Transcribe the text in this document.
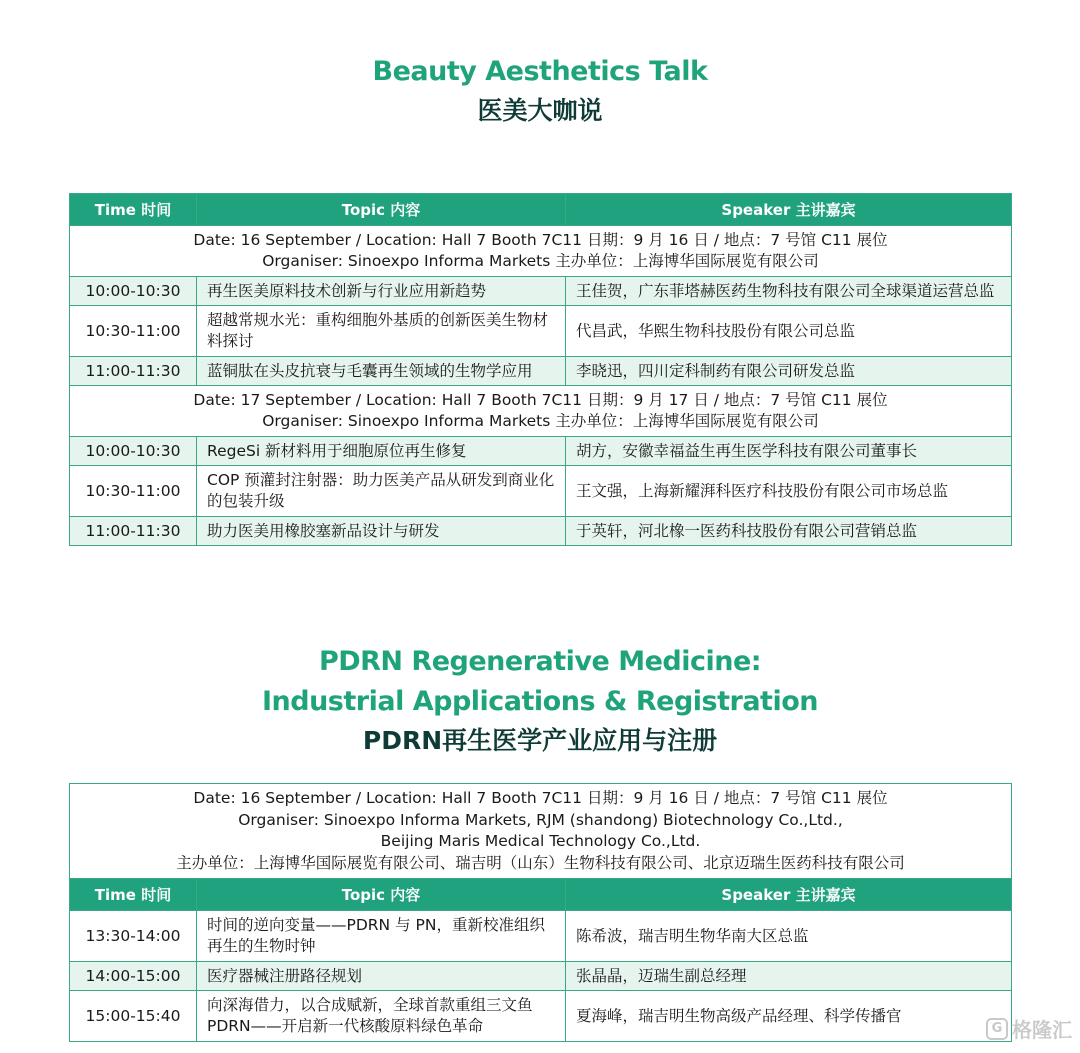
Beauty Aesthetics Talk
医美大咖说
Time 时间	Topic 内容	Speaker 主讲嘉宾

Date: 16 September / Location: Hall 7 Booth 7C11 日期：9 月 16 日 / 地点：7 号馆 C11 展位
Organiser: Sinoexpo Informa Markets 主办单位：上海博华国际展览有限公司		

10:00-10:30	再生医美原料技术创新与行业应用新趋势	王佳贺，广东菲塔赫医药生物科技有限公司全球渠道运营总监
10:30-11:00	超越常规水光：重构细胞外基质的创新医美生物材料探讨	代昌武，华熙生物科技股份有限公司总监
11:00-11:30	蓝铜肽在头皮抗衰与毛囊再生领域的生物学应用	李晓迅，四川定科制药有限公司研发总监

Date: 17 September / Location: Hall 7 Booth 7C11 日期：9 月 17 日 / 地点：7 号馆 C11 展位
Organiser: Sinoexpo Informa Markets 主办单位：上海博华国际展览有限公司		

10:00-10:30	RegeSi 新材料用于细胞原位再生修复	胡方，安徽幸福益生再生医学科技有限公司董事长
10:30-11:00	COP 预灌封注射器：助力医美产品从研发到商业化的包装升级	王文强，上海新耀湃科医疗科技股份有限公司市场总监
11:00-11:30	助力医美用橡胶塞新品设计与研发	于英轩，河北橡一医药科技股份有限公司营销总监
PDRN Regenerative Medicine:
Industrial Applications & Registration
PDRN再生医学产业应用与注册
Date: 16 September / Location: Hall 7 Booth 7C11 日期：9 月 16 日 / 地点：7 号馆 C11 展位
Organiser: Sinoexpo Informa Markets, RJM (shandong) Biotechnology Co.,Ltd.,
Beijing Maris Medical Technology Co.,Ltd.
主办单位：上海博华国际展览有限公司、瑞吉明（山东）生物科技有限公司、北京迈瑞生医药科技有限公司		

Time 时间	Topic 内容	Speaker 主讲嘉宾
13:30-14:00	时间的逆向变量——PDRN 与 PN，重新校准组织再生的生物时钟	陈希波，瑞吉明生物华南大区总监
14:00-15:00	医疗器械注册路径规划	张晶晶，迈瑞生副总经理
15:00-15:40	向深海借力，以合成赋新，全球首款重组三文鱼PDRN——开启新一代核酸原料绿色革命	夏海峰，瑞吉明生物高级产品经理、科学传播官
G 格隆汇
